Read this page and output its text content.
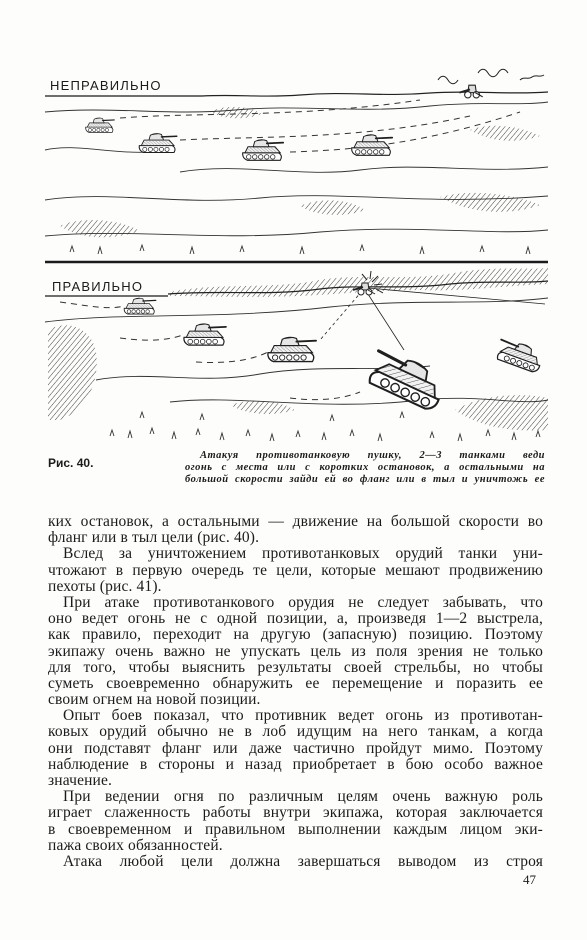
НЕПРАВИЛЬНО
ПРАВИЛЬНО
Рис. 40.
Атакуя противотанковую пушку, 2—3 танками веди
огонь с места или с коротких остановок, а остальными на
большой скорости зайди ей во фланг или в тыл и уничтожь ее
ких остановок, а остальными — движение на большой скорости во
фланг или в тыл цели (рис. 40).
Вслед за уничтожением противотанковых орудий танки уни-
чтожают в первую очередь те цели, которые мешают продвижению
пехоты (рис. 41).
При атаке противотанкового орудия не следует забывать, что
оно ведет огонь не с одной позиции, а, произведя 1—2 выстрела,
как правило, переходит на другую (запасную) позицию. Поэтому
экипажу очень важно не упускать цель из поля зрения не только
для того, чтобы выяснить результаты своей стрельбы, но чтобы
суметь своевременно обнаружить ее перемещение и поразить ее
своим огнем на новой позиции.
Опыт боев показал, что противник ведет огонь из противотан-
ковых орудий обычно не в лоб идущим на него танкам, а когда
они подставят фланг или даже частично пройдут мимо. Поэтому
наблюдение в стороны и назад приобретает в бою особо важное
значение.
При ведении огня по различным целям очень важную роль
играет слаженность работы внутри экипажа, которая заключается
в своевременном и правильном выполнении каждым лицом эки-
пажа своих обязанностей.
Атака любой цели должна завершаться выводом из строя
47
